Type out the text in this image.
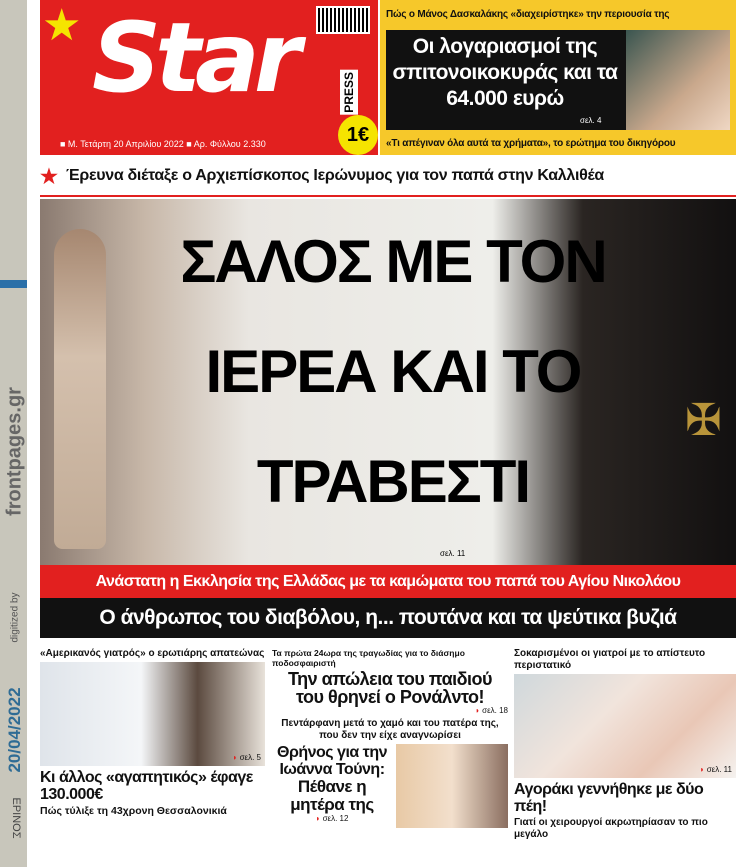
frontpages.gr
digitized by
20/04/2022
ΕΡΙΝΟΣ
★ Star	PRESS
■ Μ. Τετάρτη 20 Απριλίου 2022 ■ Αρ. Φύλλου 2.330	1€
Πώς ο Μάνος Δασκαλάκης «διαχειρίστηκε» την περιουσία της
Οι λογαριασμοί της σπιτονοικοκυράς και τα 64.000 ευρώ
σελ. 4
«Τι απέγιναν όλα αυτά τα χρήματα», το ερώτημα του δικηγόρου
★ Έρευνα διέταξε ο Αρχιεπίσκοπος Ιερώνυμος για τον παπά στην Καλλιθέα
✠
ΣΑΛΟΣ ΜΕ ΤΟΝ ΙΕΡΕΑ ΚΑΙ ΤΟ ΤΡΑΒΕΣΤΙ
σελ. 11
Ανάστατη η Εκκλησία της Ελλάδας με τα καμώματα του παπά του Αγίου Νικολάου
Ο άνθρωπος του διαβόλου, η... πουτάνα και τα ψεύτικα βυζιά
«Αμερικανός γιατρός» ο ερωτιάρης απατεώνας
◗ σελ. 5
Κι άλλος «αγαπητικός» έφαγε 130.000€
Πώς τύλιξε τη 43χρονη Θεσσαλονικιά
Τα πρώτα 24ωρα της τραγωδίας για το διάσημο ποδοσφαιριστή
Την απώλεια του παιδιού του θρηνεί ο Ρονάλντο!
◗ σελ. 18
Πεντάρφανη μετά το χαμό και του πατέρα της, που δεν την είχε αναγνωρίσει
Θρήνος για την Ιωάννα Τούνη:
Πέθανε η μητέρα της
◗ σελ. 12
Σοκαρισμένοι οι γιατροί με το απίστευτο περιστατικό
◗ σελ. 11
Αγοράκι γεννήθηκε με δύο πέη!
Γιατί οι χειρουργοί ακρωτηρίασαν το πιο μεγάλο
